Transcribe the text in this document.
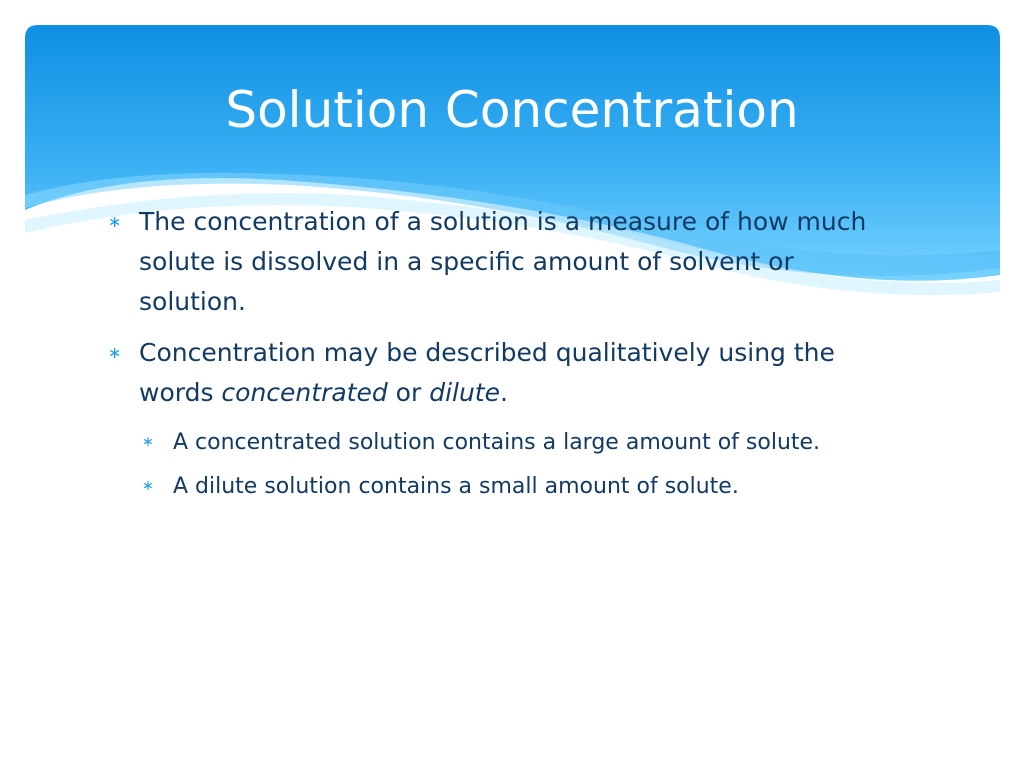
Solution Concentration
∗ The concentration of a solution is a measure of how much solute is dissolved in a specific amount of solvent or solution.
∗ Concentration may be described qualitatively using the words concentrated or dilute.
∗ A concentrated solution contains a large amount of solute.
∗ A dilute solution contains a small amount of solute.
